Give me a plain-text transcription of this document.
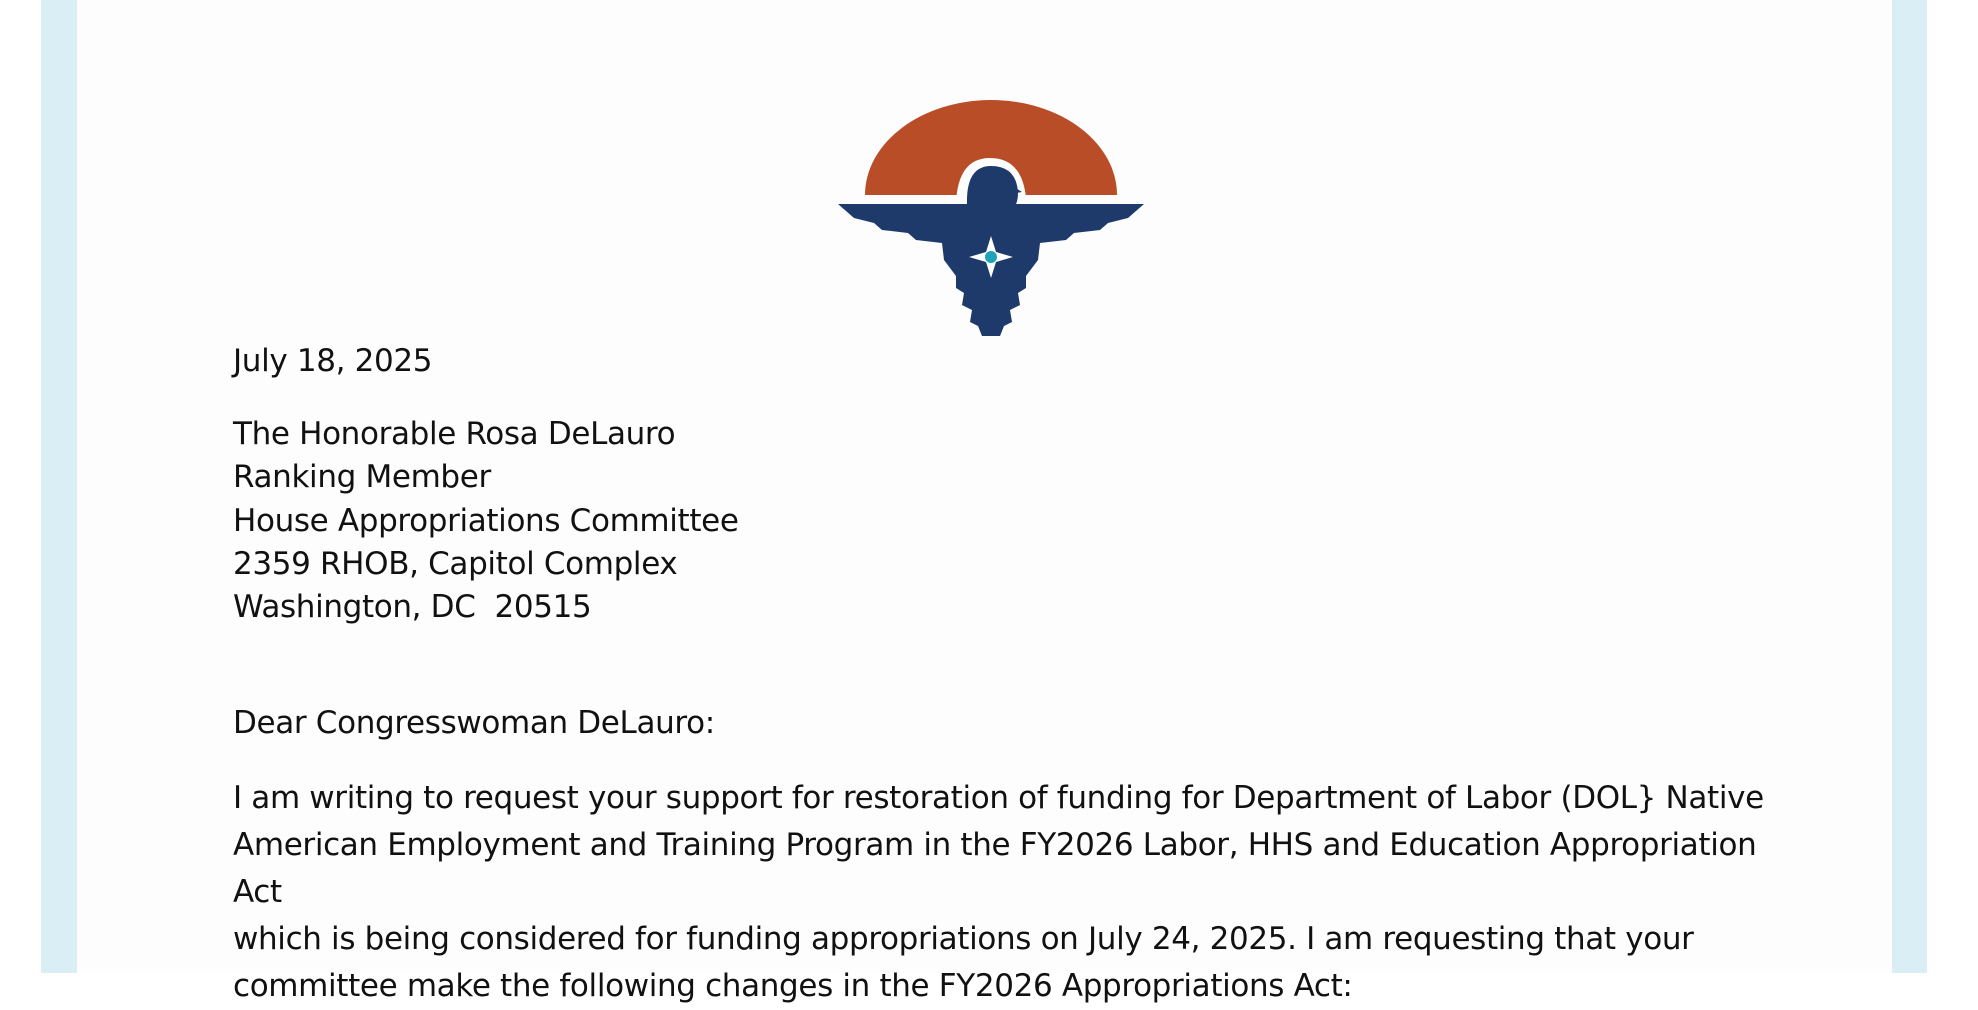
July 18, 2025
The Honorable Rosa DeLauro
Ranking Member
House Appropriations Committee
2359 RHOB, Capitol Complex
Washington, DC  20515
Dear Congresswoman DeLauro:
I am writing to request your support for restoration of funding for Department of Labor (DOL} Native
American Employment and Training Program in the FY2026 Labor, HHS and Education Appropriation Act
which is being considered for funding appropriations on July 24, 2025. I am requesting that your
committee make the following changes in the FY2026 Appropriations Act:
